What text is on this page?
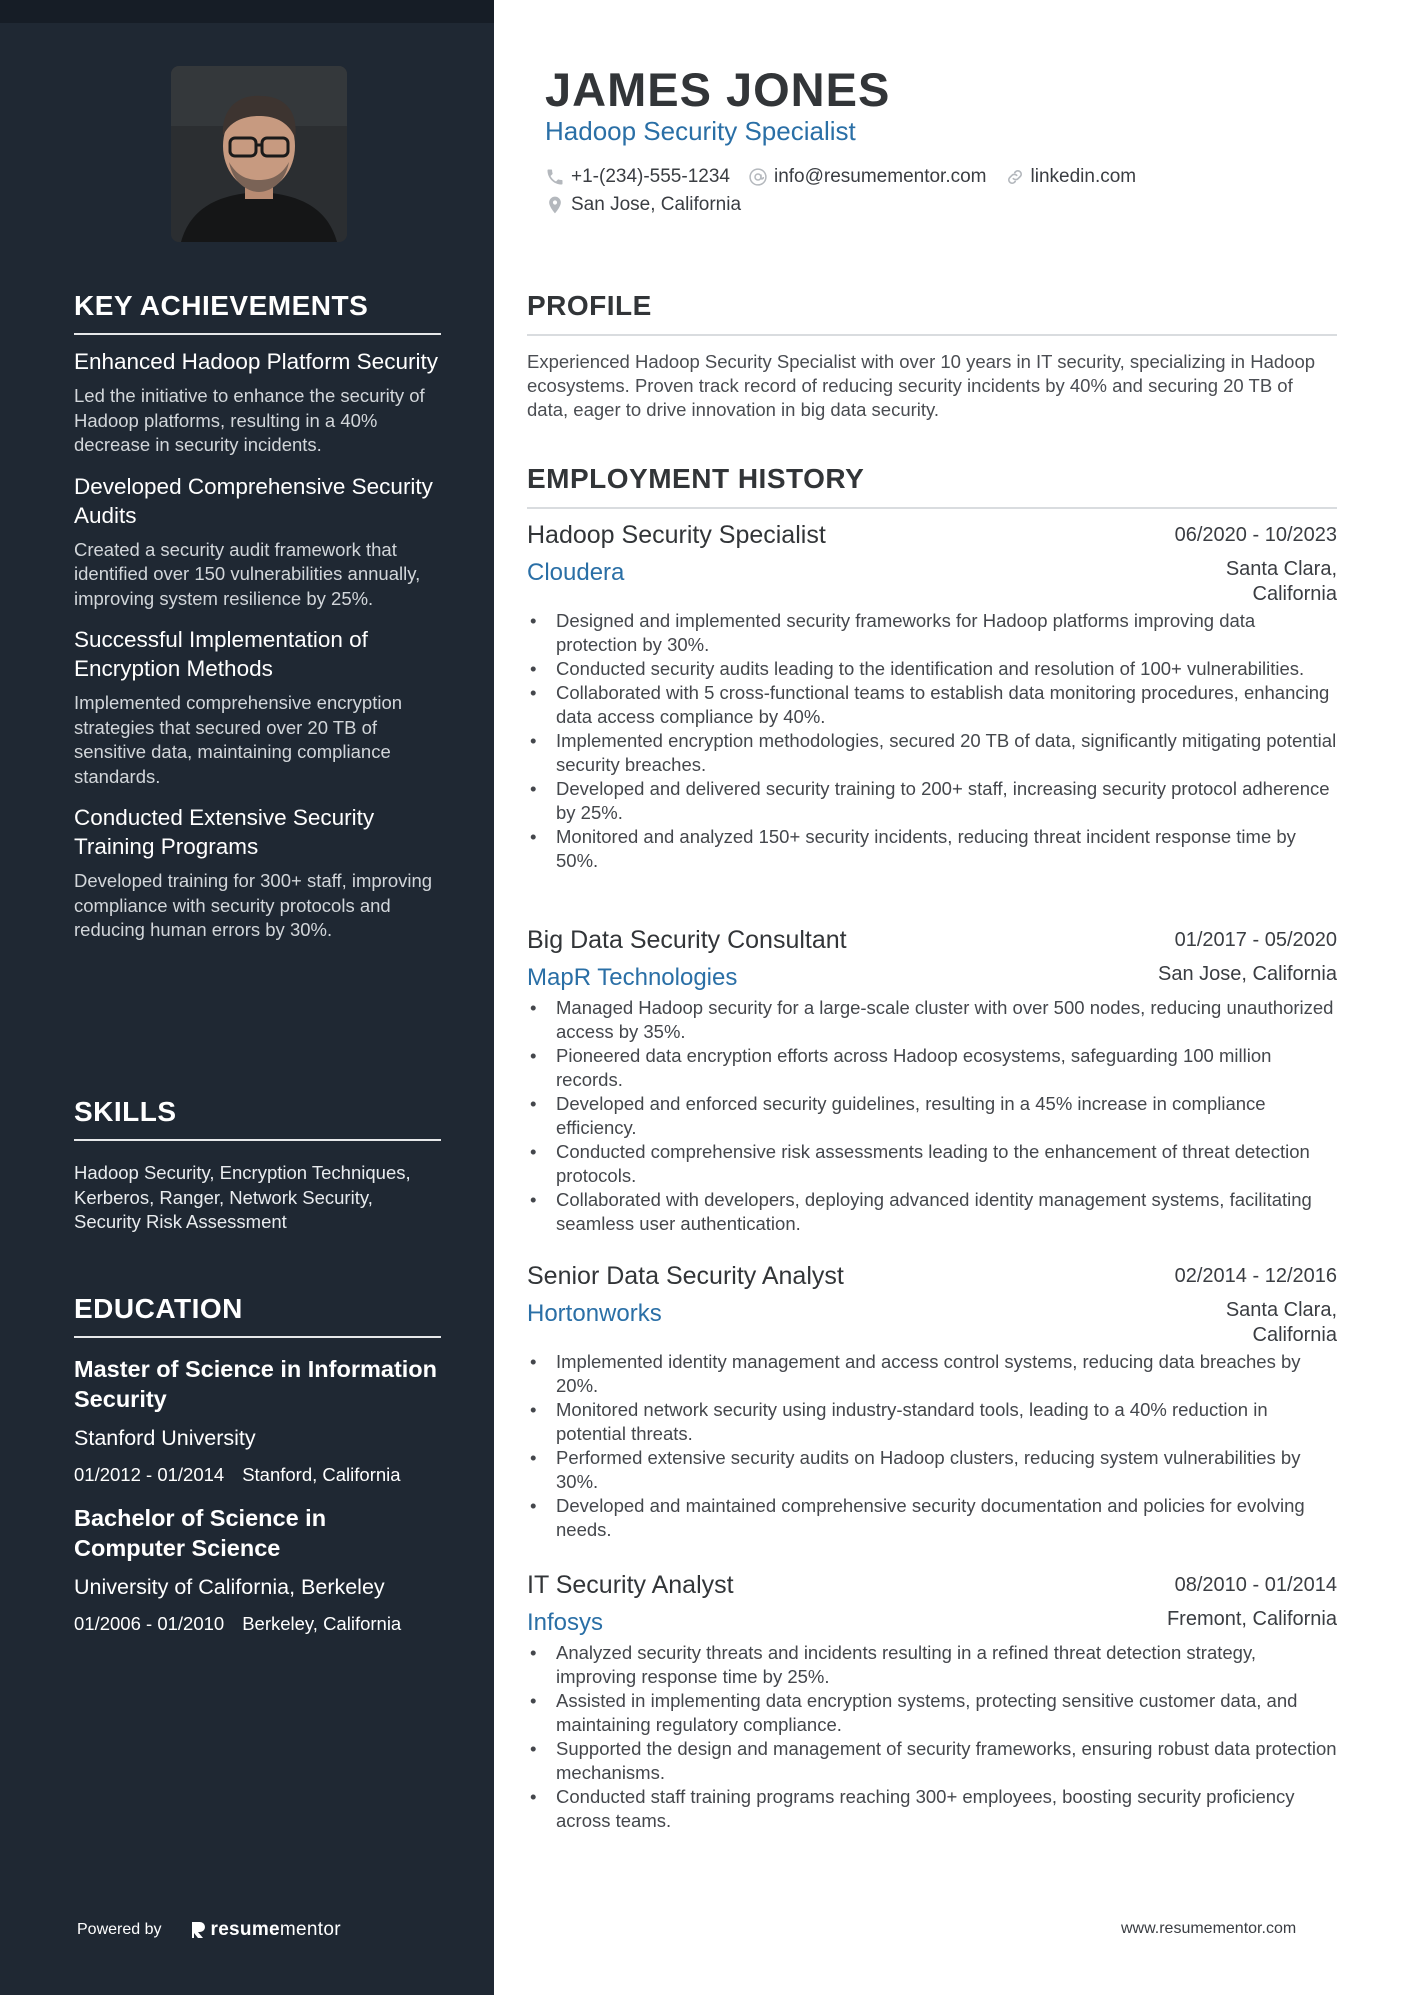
KEY ACHIEVEMENTS
Enhanced Hadoop Platform Security
Led the initiative to enhance the security of Hadoop platforms, resulting in a 40% decrease in security incidents.
Developed Comprehensive Security Audits
Created a security audit framework that identified over 150 vulnerabilities annually, improving system resilience by 25%.
Successful Implementation of Encryption Methods
Implemented comprehensive encryption strategies that secured over 20 TB of sensitive data, maintaining compliance standards.
Conducted Extensive Security Training Programs
Developed training for 300+ staff, improving compliance with security protocols and reducing human errors by 30%.
SKILLS
Hadoop Security, Encryption Techniques, Kerberos, Ranger, Network Security, Security Risk Assessment
EDUCATION
Master of Science in Information Security
Stanford University
01/2012 - 01/2014 Stanford, California
Bachelor of Science in Computer Science
University of California, Berkeley
01/2006 - 01/2010 Berkeley, California
Powered by	resumementor
JAMES JONES
Hadoop Security Specialist
+1-(234)-555-1234 info@resumementor.com linkedin.com
San Jose, California
PROFILE

Experienced Hadoop Security Specialist with over 10 years in IT security, specializing in Hadoop ecosystems. Proven track record of reducing security incidents by 40% and securing 20 TB of data, eager to drive innovation in big data security.

EMPLOYMENT HISTORY
Hadoop Security Specialist	06/2020 - 10/2023
Cloudera	Santa Clara,
California
• Designed and implemented security frameworks for Hadoop platforms improving data protection by 30%.
• Conducted security audits leading to the identification and resolution of 100+ vulnerabilities.
• Collaborated with 5 cross-functional teams to establish data monitoring procedures, enhancing data access compliance by 40%.
• Implemented encryption methodologies, secured 20 TB of data, significantly mitigating potential security breaches.
• Developed and delivered security training to 200+ staff, increasing security protocol adherence by 25%.
• Monitored and analyzed 150+ security incidents, reducing threat incident response time by 50%.
Big Data Security Consultant	01/2017 - 05/2020
MapR Technologies	San Jose, California
• Managed Hadoop security for a large-scale cluster with over 500 nodes, reducing unauthorized access by 35%.
• Pioneered data encryption efforts across Hadoop ecosystems, safeguarding 100 million records.
• Developed and enforced security guidelines, resulting in a 45% increase in compliance efficiency.
• Conducted comprehensive risk assessments leading to the enhancement of threat detection protocols.
• Collaborated with developers, deploying advanced identity management systems, facilitating seamless user authentication.
Senior Data Security Analyst	02/2014 - 12/2016
Hortonworks	Santa Clara,
California
• Implemented identity management and access control systems, reducing data breaches by 20%.
• Monitored network security using industry-standard tools, leading to a 40% reduction in potential threats.
• Performed extensive security audits on Hadoop clusters, reducing system vulnerabilities by 30%.
• Developed and maintained comprehensive security documentation and policies for evolving needs.
IT Security Analyst	08/2010 - 01/2014
Infosys	Fremont, California
• Analyzed security threats and incidents resulting in a refined threat detection strategy, improving response time by 25%.
• Assisted in implementing data encryption systems, protecting sensitive customer data, and maintaining regulatory compliance.
• Supported the design and management of security frameworks, ensuring robust data protection mechanisms.
• Conducted staff training programs reaching 300+ employees, boosting security proficiency across teams.
www.resumementor.com
